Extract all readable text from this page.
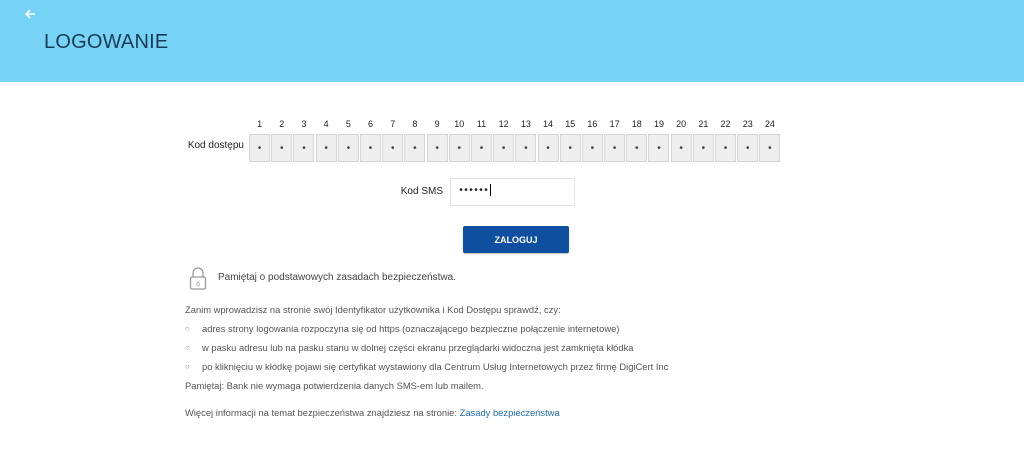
LOGOWANIE
Kod dostępu
1
•
2
•
3
•
4
•
5
•
6
•
7
•
8
•
9
•
10
•
11
•
12
•
13
•
14
•
15
•
16
•
17
•
18
•
19
•
20
•
21
•
22
•
23
•
24
•
Kod SMS	••••••
ZALOGUJ
0
Pamiętaj o podstawowych zasadach bezpieczeństwa.
Zanim wprowadzisz na stronie swój Identyfikator użytkownika i Kod Dostępu sprawdź, czy:
○ adres strony logowania rozpoczyna się od https (oznaczającego bezpieczne połączenie internetowe)
○ w pasku adresu lub na pasku stanu w dolnej części ekranu przeglądarki widoczna jest zamknięta kłódka
○ po kliknięciu w kłódkę pojawi się certyfikat wystawiony dla Centrum Usług Internetowych przez firmę DigiCert Inc
Pamiętaj: Bank nie wymaga potwierdzenia danych SMS-em lub mailem.
Więcej informacji na temat bezpieczeństwa znajdziesz na stronie: Zasady bezpieczeństwa
